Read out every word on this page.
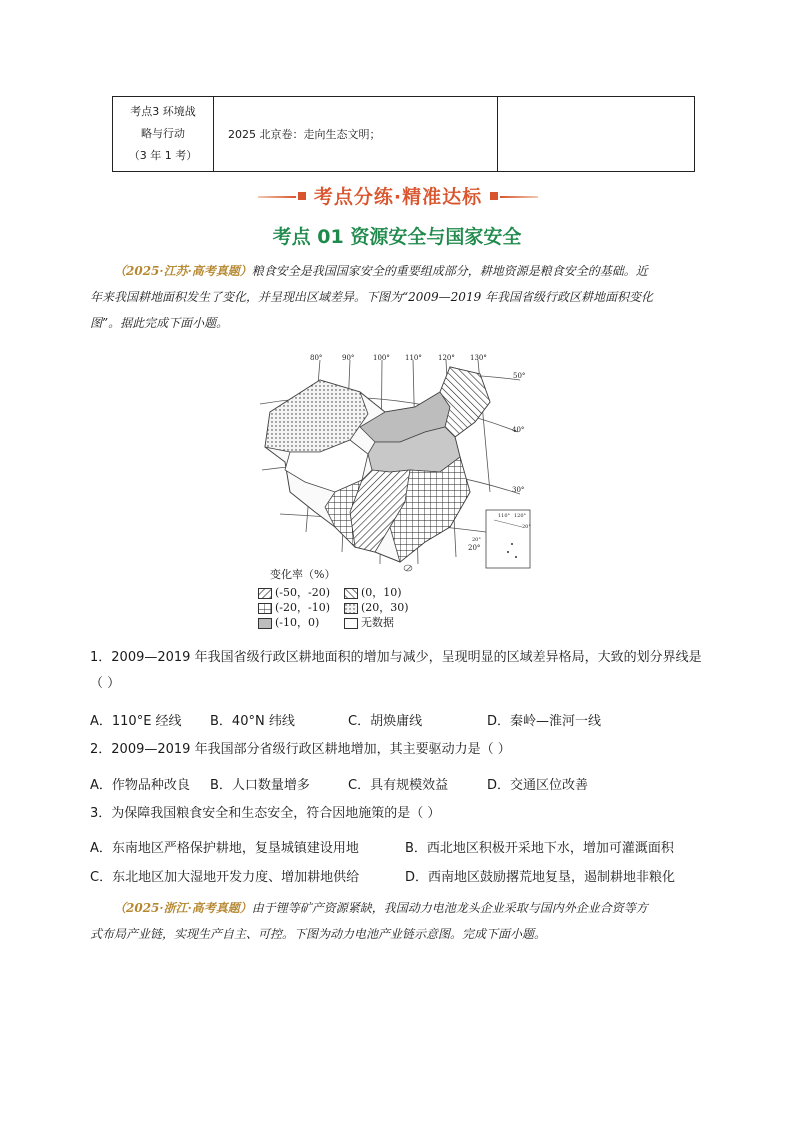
考点3 环境战
略与行动
（3 年 1 考）
	2025 北京卷：走向生态文明；	
考点分练·精准达标
考点 01 资源安全与国家安全
（2025·江苏·高考真题）粮食安全是我国国家安全的重要组成部分，耕地资源是粮食安全的基础。近
年来我国耕地面积发生了变化，并呈现出区域差异。下图为“2009—2019 年我国省级行政区耕地面积变化
图”。据此完成下面小题。
80°	90°	100° 110° 120° 130°
50°
40°
30°
20°
110° 120°
20°
20°
变化率（%）
(-50，-20)	(0，10)
(-20，-10)	(20，30)
(-10，0)	无数据
1．2009—2019 年我国省级行政区耕地面积的增加与减少，呈现明显的区域差异格局，大致的划分界线是
（ ）
A．110°E 经线 B．40°N 纬线	C．胡焕庸线	D．秦岭—淮河一线
2．2009—2019 年我国部分省级行政区耕地增加，其主要驱动力是（ ）
A．作物品种改良 B．人口数量增多	C．具有规模效益	D．交通区位改善
3．为保障我国粮食安全和生态安全，符合因地施策的是（ ）
A．东南地区严格保护耕地，复垦城镇建设用地	B．西北地区积极开采地下水，增加可灌溉面积
C．东北地区加大湿地开发力度、增加耕地供给	D．西南地区鼓励撂荒地复垦，遏制耕地非粮化
（2025·浙江·高考真题）由于锂等矿产资源紧缺，我国动力电池龙头企业采取与国内外企业合资等方
式布局产业链，实现生产自主、可控。下图为动力电池产业链示意图。完成下面小题。
